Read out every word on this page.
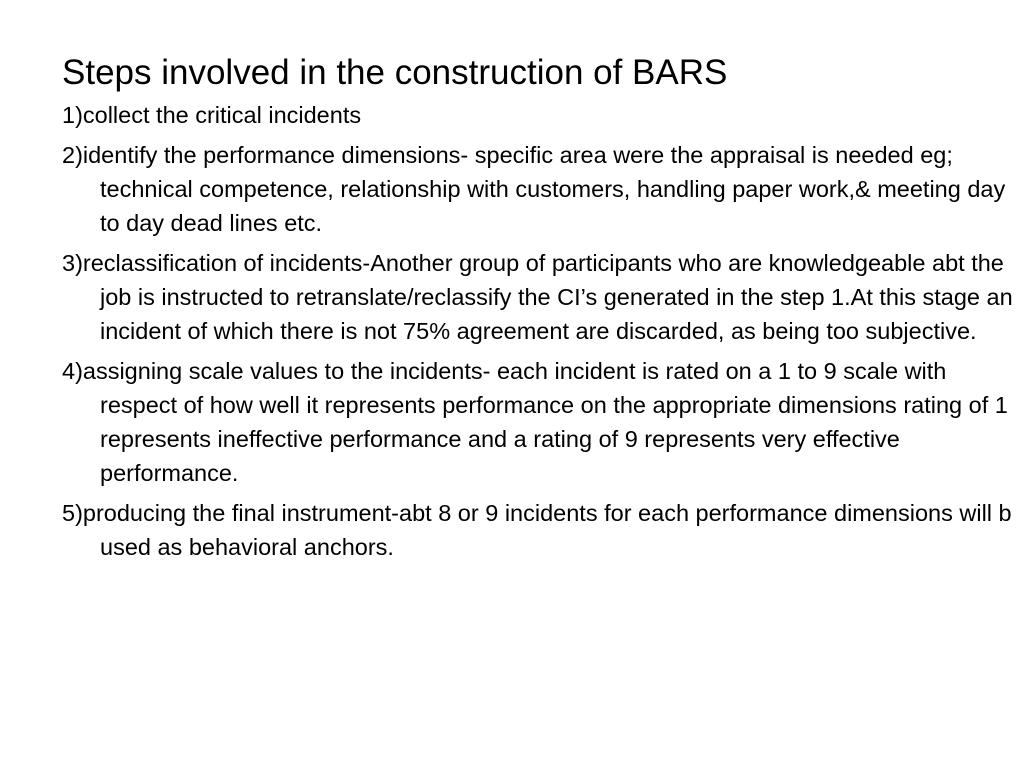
Steps involved in the construction of BARS
1)collect the critical incidents
2)identify the performance dimensions- specific area were the appraisal is needed eg; technical competence, relationship with customers, handling paper work,& meeting day to day dead lines etc.
3)reclassification of incidents-Another group of participants who are knowledgeable abt the job is instructed to retranslate/reclassify the CI’s generated in the step 1.At this stage an incident of which there is not 75% agreement are discarded, as being too subjective.
4)assigning scale values to the incidents- each incident is rated on a 1 to 9 scale with respect of how well it represents performance on the appropriate dimensions rating of 1 represents ineffective performance and a rating of 9 represents very effective performance.
5)producing the final instrument-abt 8 or 9 incidents for each performance dimensions will b used as behavioral anchors.
